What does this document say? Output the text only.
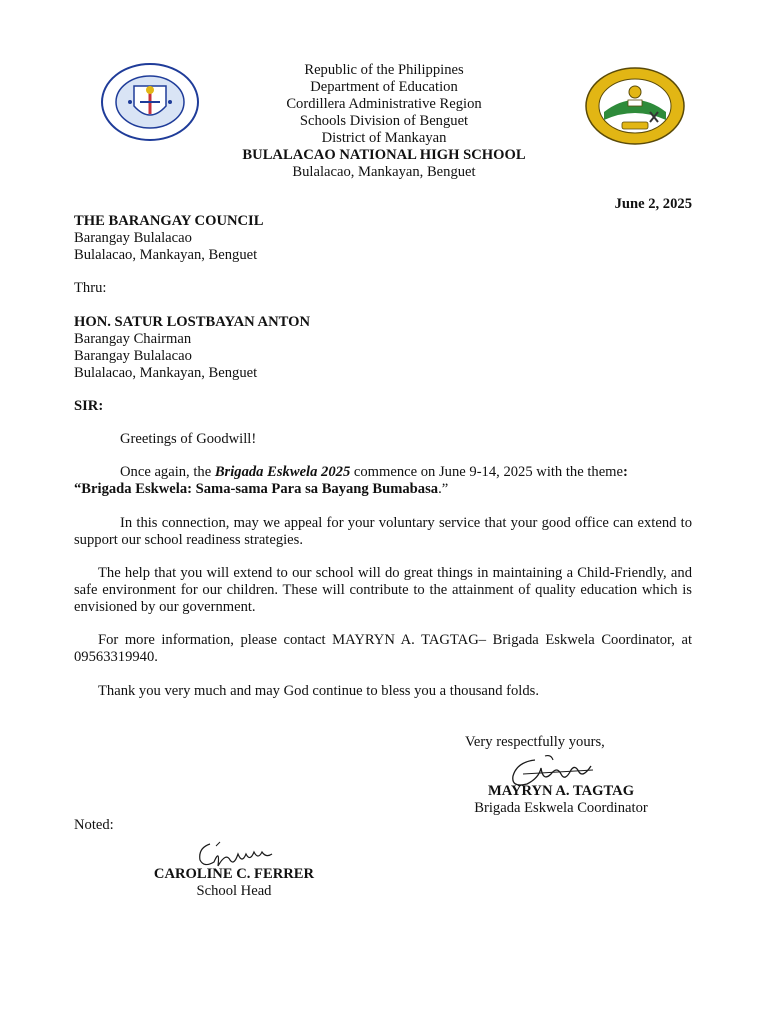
Republic of the Philippines
Department of Education
Cordillera Administrative Region
Schools Division of Benguet
District of Mankayan
BULALACAO NATIONAL HIGH SCHOOL
Bulalacao, Mankayan, Benguet
June 2, 2025
THE BARANGAY COUNCIL
Barangay Bulalacao
Bulalacao, Mankayan, Benguet
Thru:
HON. SATUR LOSTBAYAN ANTON
Barangay Chairman
Barangay Bulalacao
Bulalacao, Mankayan, Benguet
SIR:
Greetings of Goodwill!
Once again, the Brigada Eskwela 2025 commence on June 9-14, 2025 with the theme:
“Brigada Eskwela: Sama-sama Para sa Bayang Bumabasa.”
In this connection, may we appeal for your voluntary service that your good office can extend to support our school readiness strategies.
The help that you will extend to our school will do great things in maintaining a Child-Friendly, and safe environment for our children. These will contribute to the attainment of quality education which is envisioned by our government.
For more information, please contact MAYRYN A. TAGTAG– Brigada Eskwela Coordinator, at 09563319940.
Thank you very much and may God continue to bless you a thousand folds.
Very respectfully yours,
MAYRYN A. TAGTAG
Brigada Eskwela Coordinator
Noted:
CAROLINE C. FERRER
School Head
